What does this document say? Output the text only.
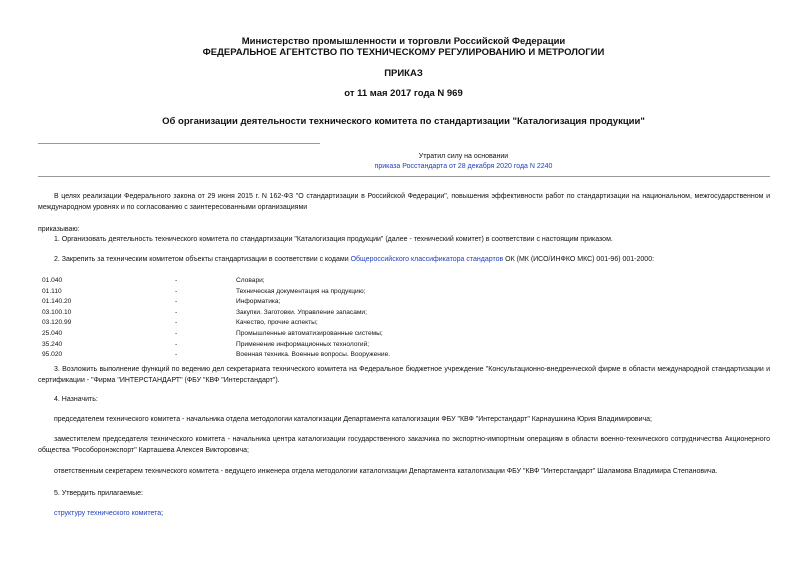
Министерство промышленности и торговли Российской Федерации
ФЕДЕРАЛЬНОЕ АГЕНТСТВО ПО ТЕХНИЧЕСКОМУ РЕГУЛИРОВАНИЮ И МЕТРОЛОГИИ
ПРИКАЗ
от 11 мая 2017 года N 969
Об организации деятельности технического комитета по стандартизации "Каталогизация продукции"
Утратил силу на основании
приказа Росстандарта от 28 декабря 2020 года N 2240
В целях реализации Федерального закона от 29 июня 2015 г. N 162-ФЗ "О стандартизации в Российской Федерации", повышения эффективности работ по стандартизации на национальном, межгосударственном и международном уровнях и по согласованию с заинтересованными организациями
приказываю:
1. Организовать деятельность технического комитета по стандартизации "Каталогизация продукции" (далее - технический комитет) в соответствии с настоящим приказом.
2. Закрепить за техническим комитетом объекты стандартизации в соответствии с кодами Общероссийского классификатора стандартов ОК (МК (ИСО/ИНФКО МКС) 001-96) 001-2000:
01.040	-	Словари;
01.110	-	Техническая документация на продукцию;
01.140.20	-	Информатика;
03.100.10	-	Закупки. Заготовки. Управление запасами;
03.120.99	-	Качество, прочие аспекты;
25.040	-	Промышленные автоматизированные системы;
35.240	-	Применение информационных технологий;
95.020	-	Военная техника. Военные вопросы. Вооружение.
3. Возложить выполнение функций по ведению дел секретариата технического комитета на Федеральное бюджетное учреждение "Консультационно-внедренческой фирме в области международной стандартизации и сертификации - "Фирма "ИНТЕРСТАНДАРТ" (ФБУ "КВФ "Интерстандарт").
4. Назначить:
председателем технического комитета - начальника отдела методологии каталогизации Департамента каталогизации ФБУ "КВФ "Интерстандарт" Карнаушкина Юрия Владимировича;
заместителем председателя технического комитета - начальника центра каталогизации государственного заказчика по экспортно-импортным операциям в области военно-технического сотрудничества Акционерного общества "Рособоронэкспорт" Карташева Алексея Викторовича;
ответственным секретарем технического комитета - ведущего инженера отдела методологии каталогизации Департамента каталогизации ФБУ "КВФ "Интерстандарт" Шаламова Владимира Степановича.
5. Утвердить прилагаемые:
структуру технического комитета;
